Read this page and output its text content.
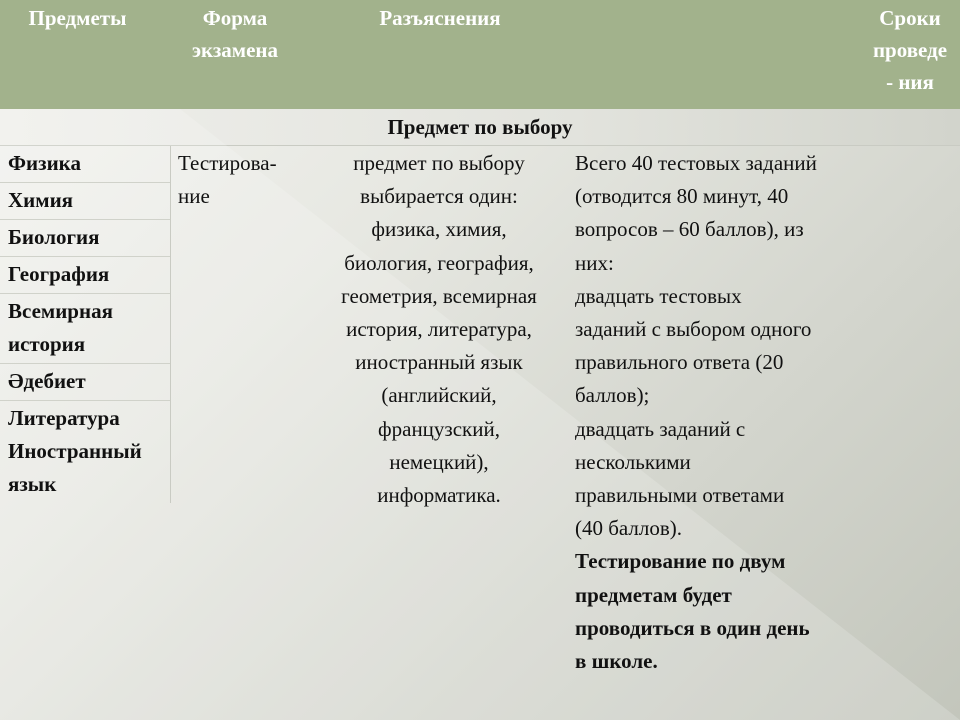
Предметы	Форма
экзамена
Разъяснения	Сроки
проведе
- ния
Предмет по выбору
Физика
Химия
Биология
География
Всемирная история
Әдебиет
Литература Иностранный язык
Тестирова-
ние
предмет по выбору
выбирается один:
физика, химия,
биология, география,
геометрия, всемирная
история, литература,
иностранный язык
(английский,
французский,
немецкий),
информатика.
Всего 40 тестовых заданий
(отводится 80 минут, 40
вопросов – 60 баллов), из
них:
двадцать тестовых
заданий с выбором одного
правильного ответа (20
баллов);
двадцать заданий с
несколькими
правильными ответами
(40 баллов).
Тестирование по двум
предметам будет
проводиться в один день
в школе.
